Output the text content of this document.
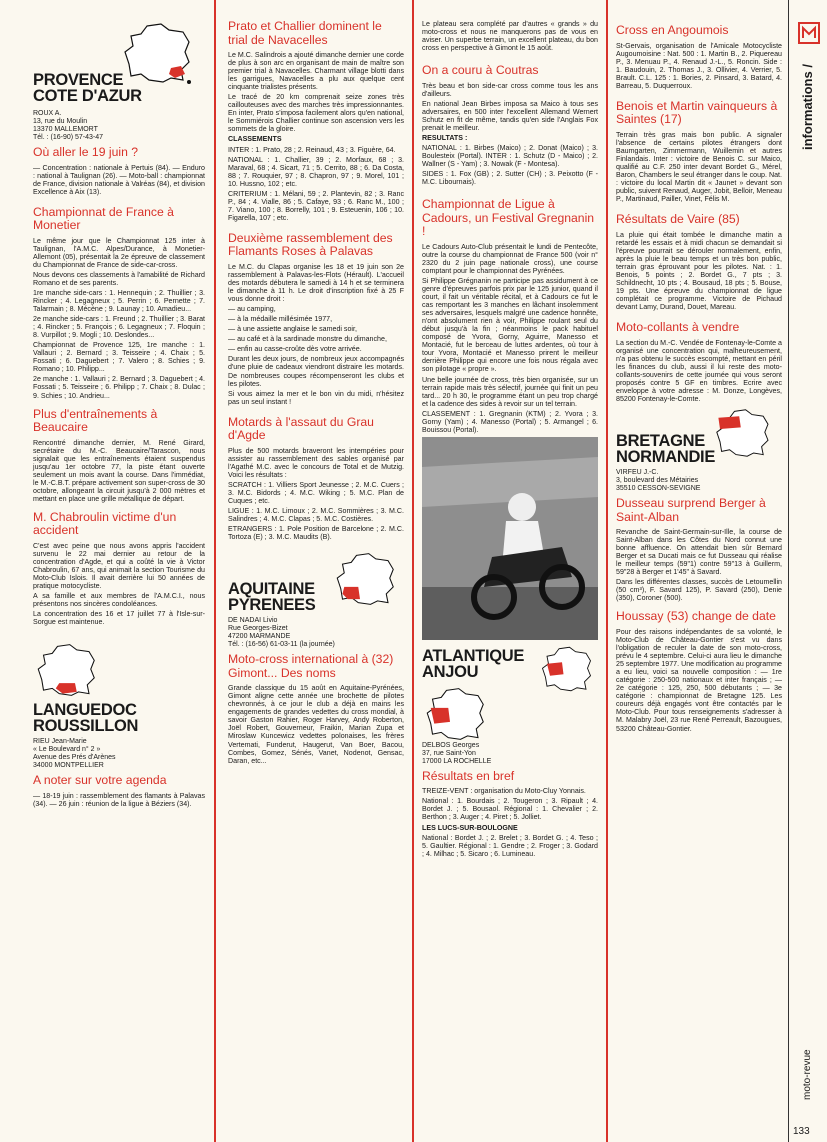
PROVENCE
COTE D'AZUR
ROUX A.
13, rue du Moulin
13370 MALLEMORT
Tél. : (16-90) 57-43-47
Où aller le 19 juin ?

— Concentration : nationale à Pertuis (84). — Enduro : national à Taulignan (26). — Moto-ball : championnat de France, division nationale à Valréas (84), et division Excellence à Aix (13).

Championnat de France à Monetier

Le même jour que le Championnat 125 inter à Taulignan, l'A.M.C. Alpes/Durance, à Monetier-Allemont (05), présentait la 2e épreuve de classement du Championnat de France de side-car-cross.

Nous devons ces classements à l'amabilité de Richard Romano et de ses parents.

1re manche side-cars : 1. Hennequin ; 2. Thuillier ; 3. Rincker ; 4. Legagneux ; 5. Perrin ; 6. Pernette ; 7. Talarmain ; 8. Mécène ; 9. Launay ; 10. Amadieu...

2e manche side-cars : 1. Freund ; 2. Thuillier ; 3. Barat ; 4. Rincker ; 5. François ; 6. Legagneux ; 7. Floquin ; 8. Vurpillot ; 9. Mogli ; 10. Deslondes...

Championnat de Provence 125, 1re manche : 1. Vallauri ; 2. Bernard ; 3. Teisseire ; 4. Chaix ; 5. Fossati ; 6. Daguebert ; 7. Valero ; 8. Schies ; 9. Romano ; 10. Philipp...

2e manche : 1. Vallauri ; 2. Bernard ; 3. Daguebert ; 4. Fossati ; 5. Teisseire ; 6. Philipp ; 7. Chaix ; 8. Dulac ; 9. Schies ; 10. Andrieu...

Plus d'entraînements à Beaucaire

Rencontré dimanche dernier, M. René Girard, secrétaire du M.-C. Beaucaire/Tarascon, nous signalait que les entraînements étaient suspendus jusqu'au 1er octobre 77, la piste étant ouverte seulement un mois avant la course. Dans l'immédiat, le M.-C.B.T. prépare activement son super-cross de 30 octobre, allongeant la circuit jusqu'à 2 000 mètres et mettant en place une grille métallique de départ.

M. Chabroulin victime d'un accident

C'est avec peine que nous avons appris l'accident survenu le 22 mai dernier au retour de la concentration d'Agde, et qui a coûté la vie à Victor Chabroulin, 67 ans, qui animait la section Tourisme du Moto-Club Islois. Il avait derrière lui 50 années de pratique motocycliste.

A sa famille et aux membres de l'A.M.C.I., nous présentons nos sincères condoléances.

La concentration des 16 et 17 juillet 77 à l'Isle-sur-Sorgue est maintenue.

LANGUEDOC
ROUSSILLON
RIEU Jean-Marie
« Le Boulevard n° 2 »
Avenue des Prés d'Arènes
34000 MONTPELLIER
A noter sur votre agenda

— 18-19 juin : rassemblement des flamants à Palavas (34). — 26 juin : réunion de la ligue à Béziers (34).

Prato et Challier dominent le trial de Navacelles

Le M.C. Salindrois a ajouté dimanche dernier une corde de plus à son arc en organisant de main de maître son premier trial à Navacelles. Charmant village blotti dans les garrigues, Navacelles a plu aux quelque cent cinquante trialistes présents.

Le tracé de 20 km comprenait seize zones très caillouteuses avec des marches très impressionnantes. En inter, Prato s'imposa facilement alors qu'en national, le Sommiérois Challier continue son ascension vers les sommets de la gloire.

CLASSEMENTS

INTER : 1. Prato, 28 ; 2. Reinaud, 43 ; 3. Figuère, 64.

NATIONAL : 1. Challier, 39 ; 2. Morfaux, 68 ; 3. Maraval, 68 ; 4. Sicart, 71 ; 5. Cerrito, 88 ; 6. Da Costa, 88 ; 7. Rouquier, 97 ; 8. Chapron, 97 ; 9. Morel, 101 ; 10. Hussno, 102 ; etc.

CRITERIUM : 1. Mélani, 59 ; 2. Plantevin, 82 ; 3. Ranc P., 84 ; 4. Vialle, 86 ; 5. Cafaye, 93 ; 6. Ranc M., 100 ; 7. Viano, 100 ; 8. Borrelly, 101 ; 9. Esteuenin, 106 ; 10. Figarella, 107 ; etc.

Deuxième rassemblement des Flamants Roses à Palavas

Le M.C. du Clapas organise les 18 et 19 juin son 2e rassemblement à Palavas-les-Flots (Hérault). L'accueil des motards débutera le samedi à 14 h et se terminera le dimanche à 11 h. Le droit d'inscription fixé à 25 F vous donne droit :

— au camping,

— à la médaille millésimée 1977,

— à une assiette anglaise le samedi soir,

— au café et à la sardinade monstre du dimanche,

— enfin au casse-croûte dès votre arrivée.

Durant les deux jours, de nombreux jeux accompagnés d'une pluie de cadeaux viendront distraire les motards. De nombreuses coupes récompenseront les clubs et les pilotes.

Si vous aimez la mer et le bon vin du midi, n'hésitez pas un seul instant !

Motards à l'assaut du Grau d'Agde

Plus de 500 motards braveront les intempéries pour assister au rassemblement des sables organisé par l'Agathé M.C. avec le concours de Total et de Mutzig. Voici les résultats :

SCRATCH : 1. Villiers Sport Jeunesse ; 2. M.C. Cuers ; 3. M.C. Bidords ; 4. M.C. Wiking ; 5. M.C. Plan de Cuques ; etc.

LIGUE : 1. M.C. Limoux ; 2. M.C. Sommières ; 3. M.C. Salindres ; 4. M.C. Clapas ; 5. M.C. Costières.

ETRANGERS : 1. Pole Position de Barcelone ; 2. M.C. Tortoza (E) ; 3. M.C. Maudits (B).

AQUITAINE
PYRENEES
DE NADAI Livio
Rue Georges-Bizet
47200 MARMANDE
Tél. : (16-56) 61-03-11 (la journée)
Moto-cross international à (32) Gimont... Des noms

Grande classique du 15 août en Aquitaine-Pyrénées, Gimont aligne cette année une brochette de pilotes chevronnés, à ce jour le club a déjà en mains les engagements de grandes vedettes du cross mondial, à savoir Gaston Rahier, Roger Harvey, Andy Roberton, Joël Robert, Gouverneur, Fraikin, Marian Zupa et Miroslaw Kuncewicz vedettes polonaises, les frères Vertemati, Funderut, Haugerut, Van Boer, Bacou, Combes, Gomez, Sénés, Vanet, Nodenot, Gensac, Daran, etc...

Le plateau sera complété par d'autres « grands » du moto-cross et nous ne manquerons pas de vous en aviser. Un superbe terrain, un excellent plateau, du bon cross en perspective à Gimont le 15 août.

On a couru à Coutras

Très beau et bon side-car cross comme tous les ans d'ailleurs.

En national Jean Birbes imposa sa Maico à tous ses adversaires, en 500 inter l'excellent Allemand Wernert Schutz en fit de même, tandis qu'en side l'Anglais Fox prenait le meilleur.

RESULTATS :

NATIONAL : 1. Birbes (Maico) ; 2. Donat (Maico) ; 3. Boulesteix (Portal). INTER : 1. Schutz (D - Maico) ; 2. Wallner (S - Yam) ; 3. Nowak (F - Montesa).

SIDES : 1. Fox (GB) ; 2. Sutter (CH) ; 3. Peixotto (F - M.C. Libournais).

Championnat de Ligue à Cadours, un Festival Gregnanin !

Le Cadours Auto-Club présentait le lundi de Pentecôte, outre la course du championnat de France 500 (voir n° 2320 du 2 juin page nationale cross), une course comptant pour le championnat des Pyrénées.

Si Philippe Grégnanin ne participe pas assidument à ce genre d'épreuves parfois prix par le 125 junior, quand il court, il fait un véritable récital, et à Cadours ce fut le cas remportant les 3 manches en lâchant insolemment ses adversaires, lesquels malgré une cadence honnête, n'ont absolument rien à voir, Philippe roulant seul du début jusqu'à la fin ; néanmoins le pack habituel composé de Yvora, Gorny, Aguirre, Manesso et Montacié, fut le berceau de luttes ardentes, où tour à tour Yvora, Montacié et Manesso prirent le meilleur derrière Philippe qui encore une fois nous régala avec son pilotage « propre ».

Une belle journée de cross, très bien organisée, sur un terrain rapide mais très sélectif, journée qui finit un peu tard... 20 h 30, le programme étant un peu trop chargé et la cadence des sides à revoir sur un tel terrain.

CLASSEMENT : 1. Gregnanin (KTM) ; 2. Yvora ; 3. Gorny (Yam) ; 4. Manesso (Portal) ; 5. Armangel ; 6. Bouissou (Portal).

ATLANTIQUE
ANJOU
DELBOS Georges
37, rue Saint-Yon
17000 LA ROCHELLE
Résultats en bref

TREIZE-VENT : organisation du Moto-Cluy Yonnais.

National : 1. Bourdais ; 2. Tougeron ; 3. Ripault ; 4. Bordet J. ; 5. Bousaol. Régional : 1. Chevalier ; 2. Berthon ; 3. Auger ; 4. Piret ; 5. Jolliet.

LES LUCS-SUR-BOULOGNE

National : Bordet J. ; 2. Brelet ; 3. Bordet G. ; 4. Teso ; 5. Gaultier. Régional : 1. Gendre ; 2. Froger ; 3. Godard ; 4. Milhac ; 5. Sicaro ; 6. Lumineau.

Cross en Angoumois

St-Gervais, organisation de l'Amicale Motocycliste Augoumoisine : Nat. 500 : 1. Martin B., 2. Piquereau P., 3. Menuau P., 4. Renaud J.-L., 5. Roncin. Side : 1. Baudouin, 2. Thomas J., 3. Ollivier, 4. Verrier, 5. Brault. C.L. 125 : 1. Bories, 2. Pinsard, 3. Batard, 4. Barreau, 5. Duquerroux.

Benois et Martin vainqueurs à Saintes (17)

Terrain très gras mais bon public. A signaler l'absence de certains pilotes étrangers dont Baumgarten, Zimmermann, Wuillemin et autres Finlandais. Inter : victoire de Benois C. sur Maico, qualifié au C.F. 250 inter devant Bordet G., Mérel, Baron, Chambers le seul étranger dans le coup. Nat. : victoire du local Martin dit « Jaunet » devant son public, suivent Renaud, Auger, Jobit, Belloir, Meneau P., Martinaud, Pailler, Vinet, Félis M.

Résultats de Vaire (85)

La pluie qui était tombée le dimanche matin a retardé les essais et à midi chacun se demandait si l'épreuve pourrait se dérouler normalement, enfin, après la pluie le beau temps et un très bon public, terrain gras éprouvant pour les pilotes. Nat. : 1. Benois, 5 points ; 2. Bordet G., 7 pts ; 3. Schildnecht, 10 pts ; 4. Bousaud, 18 pts ; 5. Bouse, 19 pts. Une épreuve du championnat de ligue complétait ce programme. Victoire de Pichaud devant Lamy, Durand, Douet, Mareau.

Moto-collants à vendre

La section du M.-C. Vendée de Fontenay-le-Comte a organisé une concentration qui, malheureusement, n'a pas obtenu le succès escompté, mettant en péril les finances du club, aussi il lui reste des moto-collants-souvenirs de cette journée qui vous seront proposés contre 5 GF en timbres. Ecrire avec enveloppe à votre adresse : M. Donze, Longèves, 85200 Fontenay-le-Comte.

BRETAGNE
NORMANDIE
VIRFEU J.-C.
3, boulevard des Métairies
35510 CESSON-SEVIGNE
Dusseau surprend Berger à Saint-Alban

Revanche de Saint-Germain-sur-Ille, la course de Saint-Alban dans les Côtes du Nord connut une bonne affluence. On attendait bien sûr Bernard Berger et sa Ducati mais ce fut Dusseau qui réalise le meilleur temps (59"1) contre 59"13 à Guillerm, 59"28 à Berger et 1'45" à Savard.

Dans les différentes classes, succès de Letoumellin (50 cm³), F. Savard 125), P. Savard (250), Denie (350), Coroner (500).

Houssay (53) change de date

Pour des raisons indépendantes de sa volonté, le Moto-Club de Château-Gontier s'est vu dans l'obligation de reculer la date de son moto-cross, prévu le 4 septembre. Celui-ci aura lieu le dimanche 25 septembre 1977. Une modification au programme a eu lieu, voici sa nouvelle composition : — 1re catégorie : 250-500 nationaux et inter français ; — 2e catégorie : 125, 250, 500 débutants ; — 3e catégorie : championnat de Bretagne 125. Les coureurs déjà engagés vont être contactés par le Moto-Club. Pour tous renseignements s'adresser à M. Malabry Joël, 23 rue René Perreault, Bazougues, 53200 Château-Gontier.

informations /
moto-revue
133
